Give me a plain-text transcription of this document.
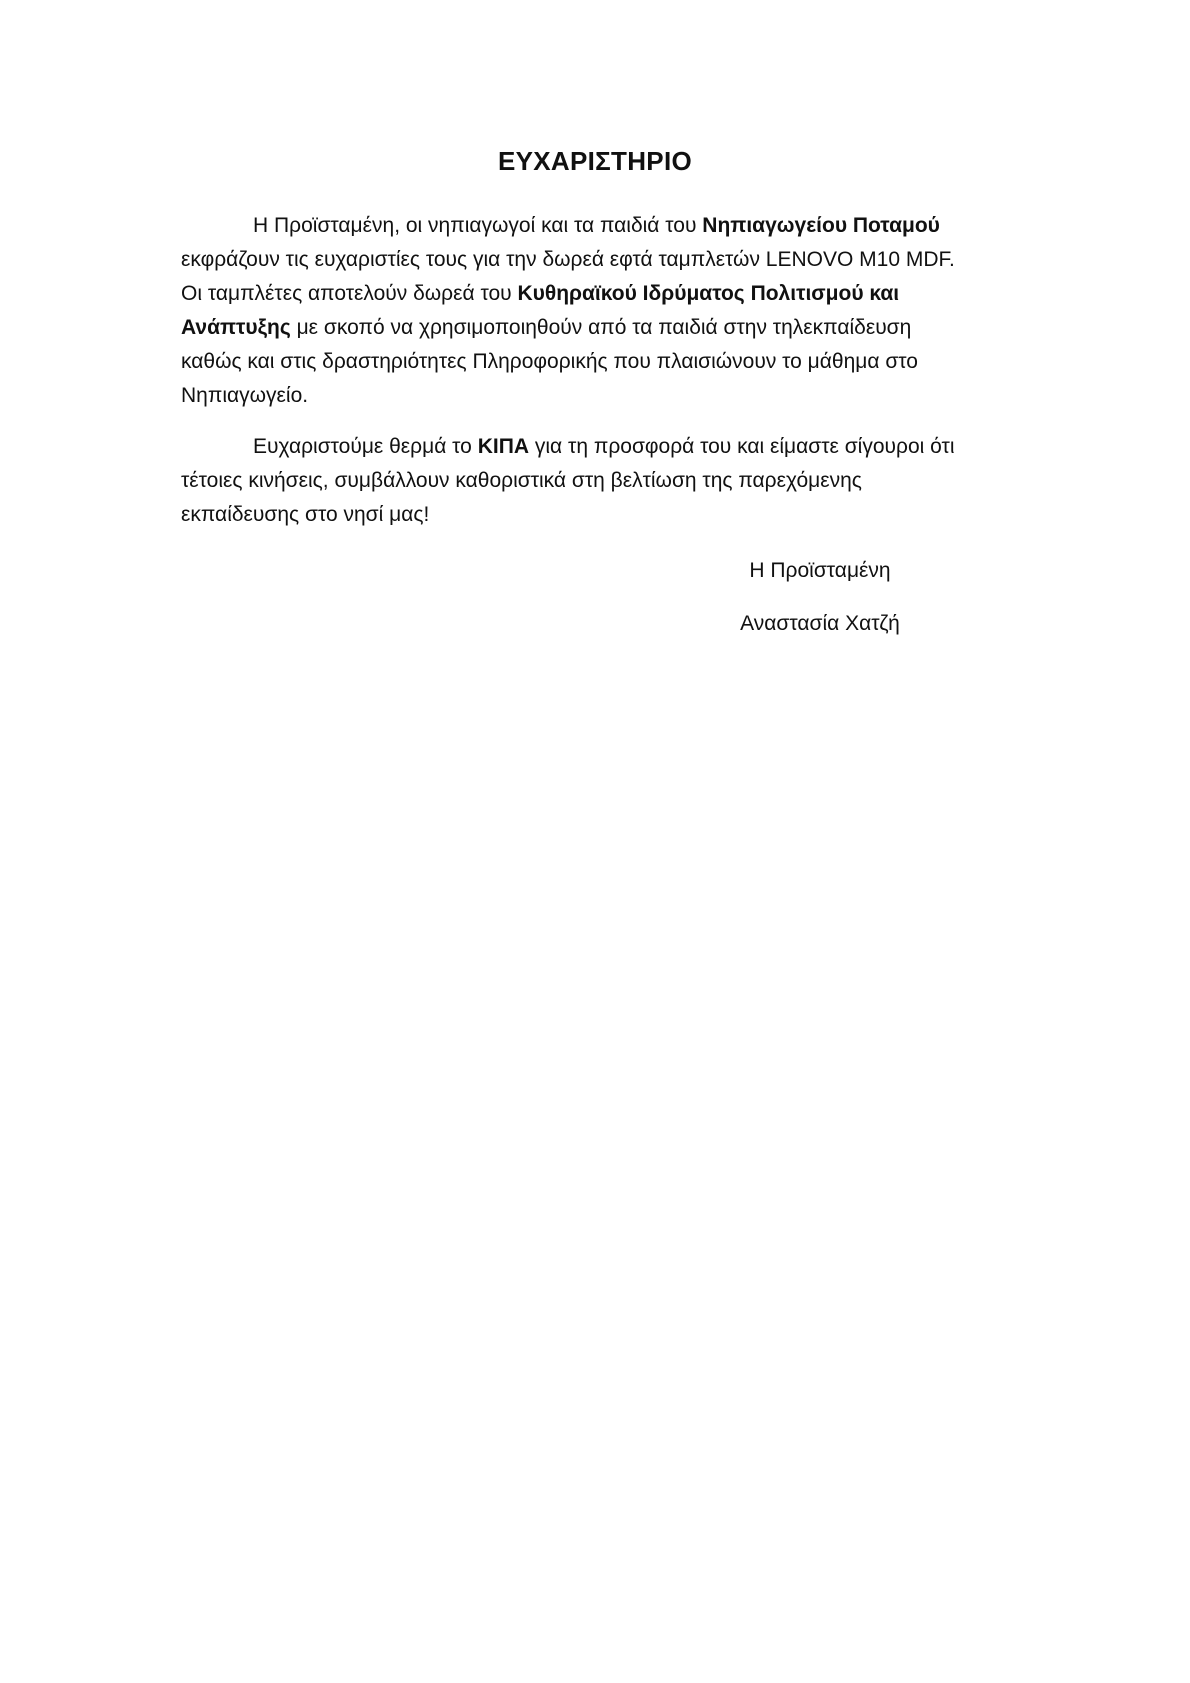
ΕΥΧΑΡΙΣΤΗΡΙΟ
Η Προϊσταμένη, οι νηπιαγωγοί και τα παιδιά του Νηπιαγωγείου Ποταμού
εκφράζουν τις ευχαριστίες τους για την δωρεά εφτά ταμπλετών LENOVO M10 MDF.
Οι ταμπλέτες αποτελούν δωρεά του Κυθηραϊκού Ιδρύματος Πολιτισμού και
Ανάπτυξης με σκοπό να χρησιμοποιηθούν από τα παιδιά στην τηλεκπαίδευση
καθώς και στις δραστηριότητες Πληροφορικής που πλαισιώνουν το μάθημα στο
Νηπιαγωγείο.
Ευχαριστούμε θερμά το ΚΙΠΑ για τη προσφορά του και είμαστε σίγουροι ότι
τέτοιες κινήσεις, συμβάλλουν καθοριστικά στη βελτίωση της παρεχόμενης
εκπαίδευσης στο νησί μας!
Η Προϊσταμένη
Αναστασία Χατζή
